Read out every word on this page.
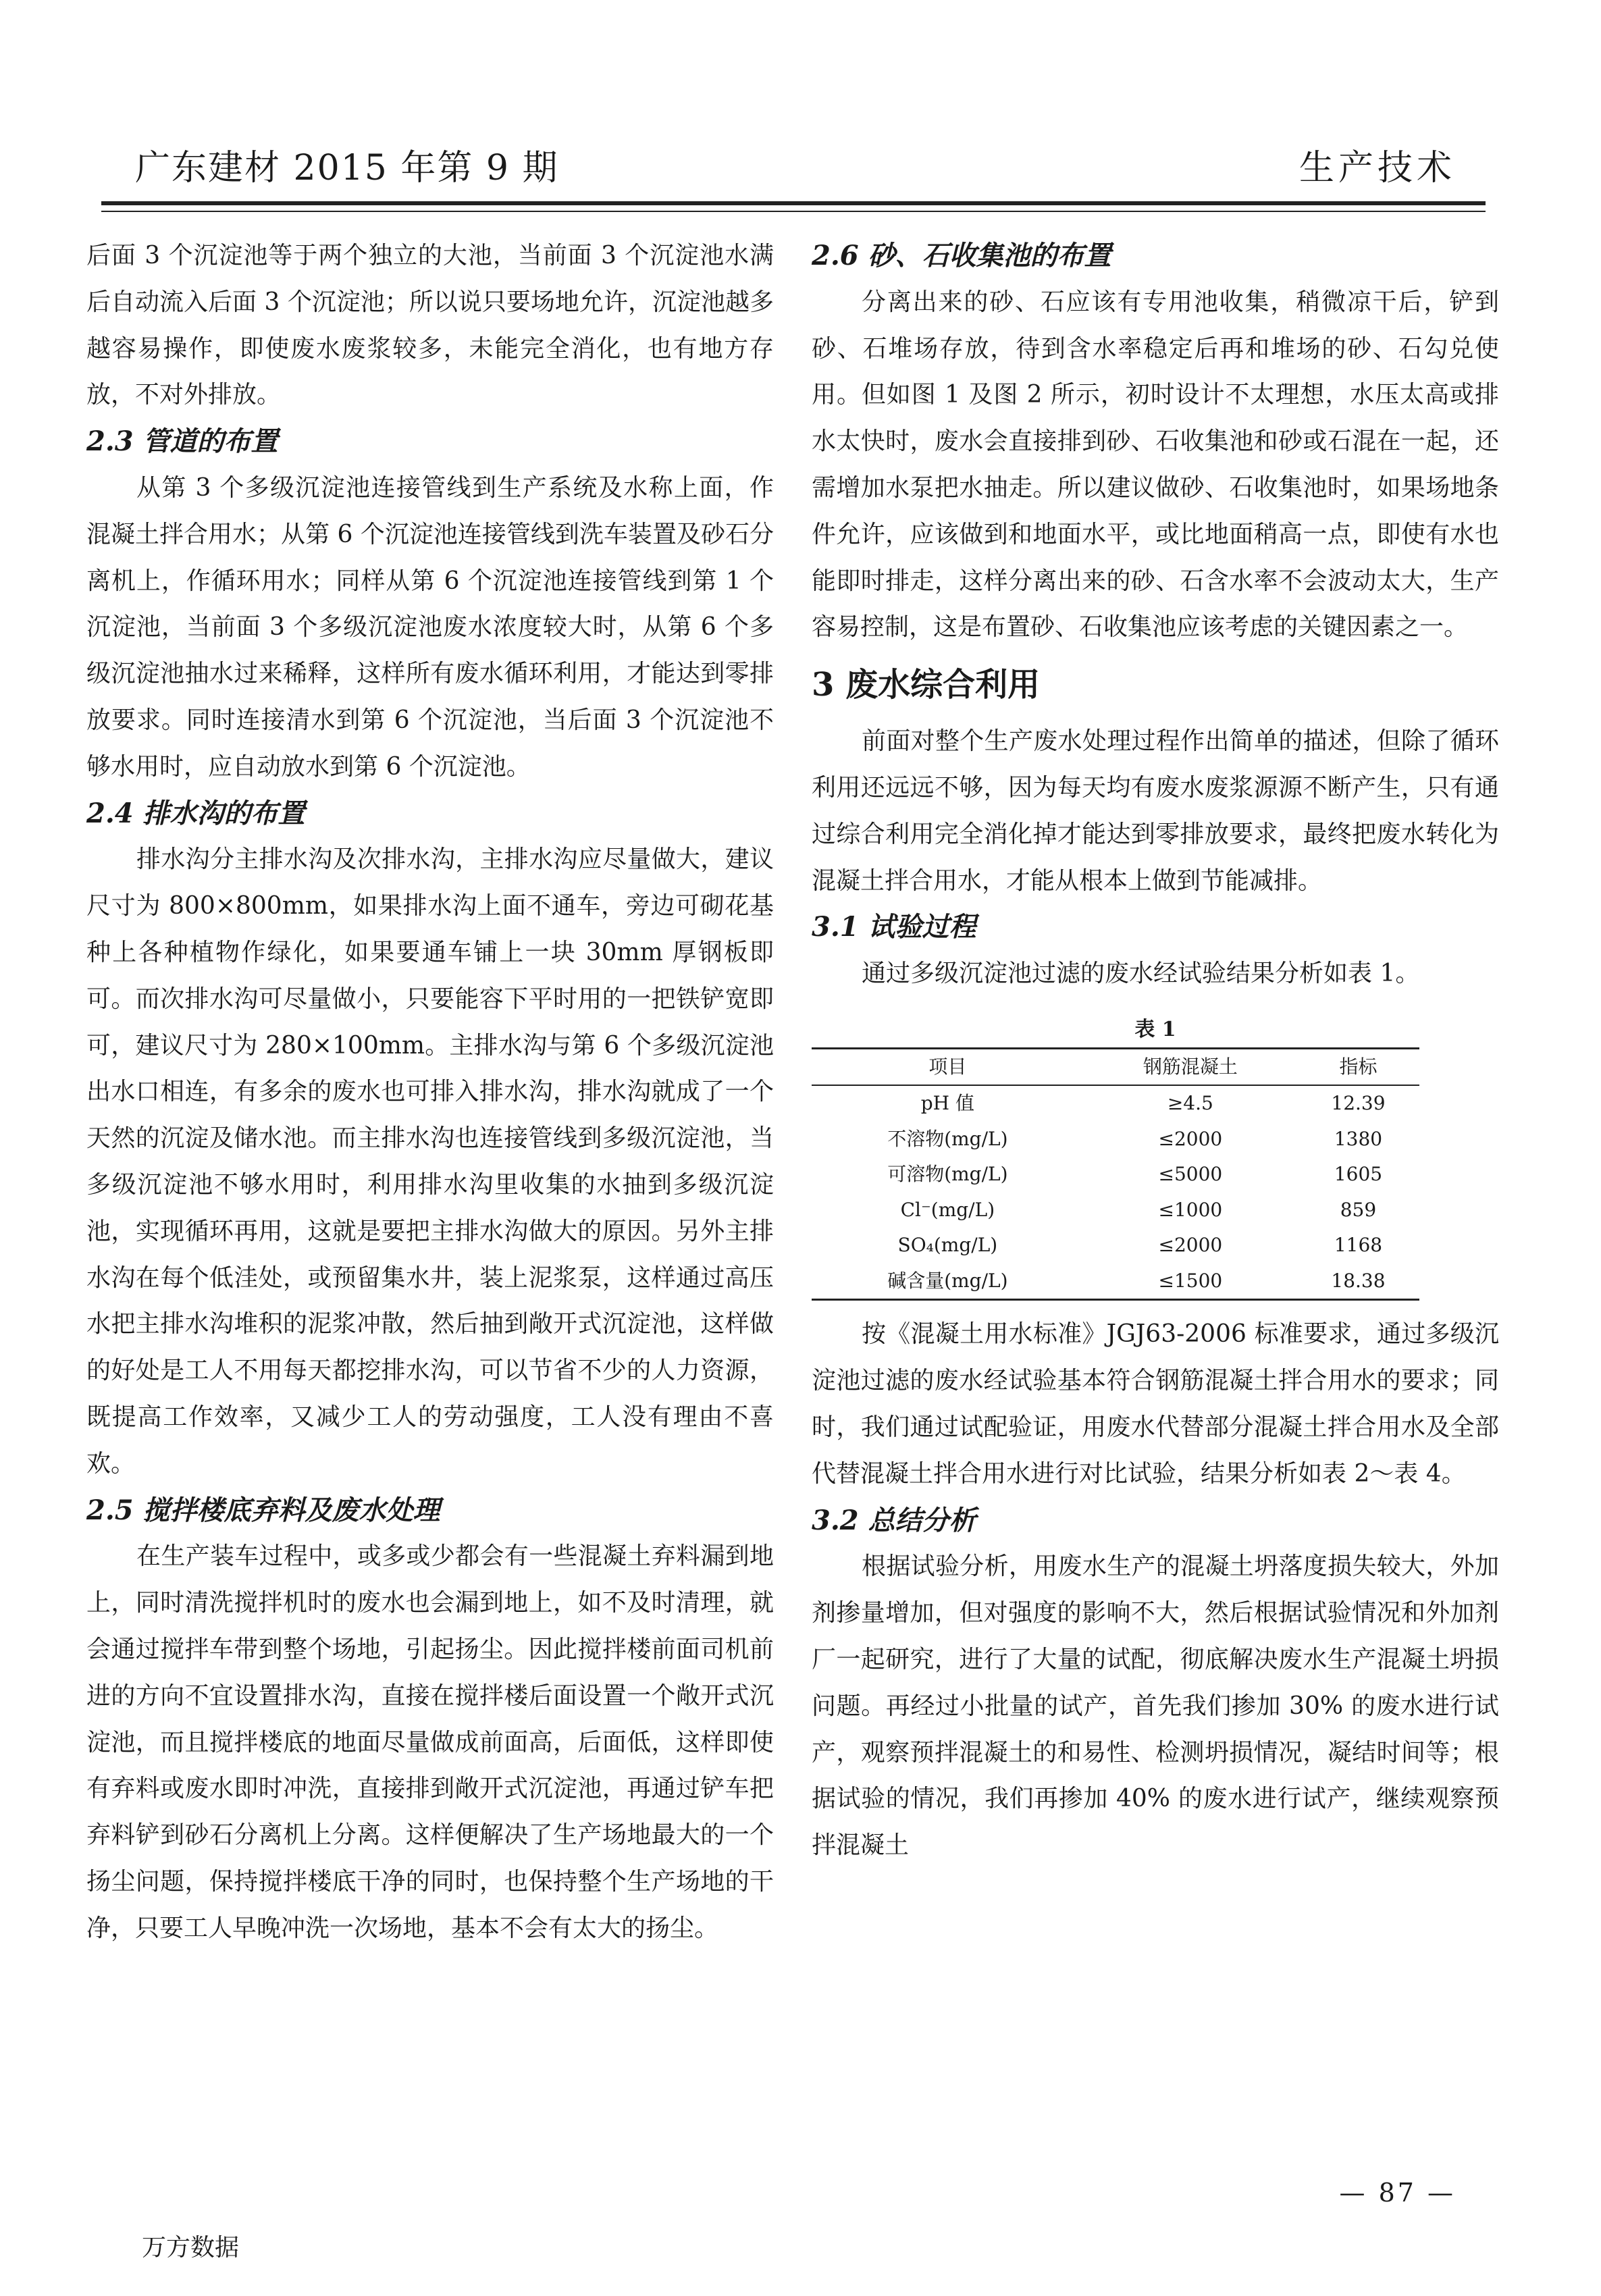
广东建材 2015 年第 9 期	生产技术

后面 3 个沉淀池等于两个独立的大池，当前面 3 个沉淀池水满后自动流入后面 3 个沉淀池；所以说只要场地允许，沉淀池越多越容易操作，即使废水废浆较多，未能完全消化，也有地方存放，不对外排放。

2.3 管道的布置

从第 3 个多级沉淀池连接管线到生产系统及水称上面，作混凝土拌合用水；从第 6 个沉淀池连接管线到洗车装置及砂石分离机上，作循环用水；同样从第 6 个沉淀池连接管线到第 1 个沉淀池，当前面 3 个多级沉淀池废水浓度较大时，从第 6 个多级沉淀池抽水过来稀释，这样所有废水循环利用，才能达到零排放要求。同时连接清水到第 6 个沉淀池，当后面 3 个沉淀池不够水用时，应自动放水到第 6 个沉淀池。

2.4 排水沟的布置

排水沟分主排水沟及次排水沟，主排水沟应尽量做大，建议尺寸为 800×800mm，如果排水沟上面不通车，旁边可砌花基种上各种植物作绿化，如果要通车铺上一块 30mm 厚钢板即可。而次排水沟可尽量做小，只要能容下平时用的一把铁铲宽即可，建议尺寸为 280×100mm。主排水沟与第 6 个多级沉淀池出水口相连，有多余的废水也可排入排水沟，排水沟就成了一个天然的沉淀及储水池。而主排水沟也连接管线到多级沉淀池，当多级沉淀池不够水用时，利用排水沟里收集的水抽到多级沉淀池，实现循环再用，这就是要把主排水沟做大的原因。另外主排水沟在每个低洼处，或预留集水井，装上泥浆泵，这样通过高压水把主排水沟堆积的泥浆冲散，然后抽到敞开式沉淀池，这样做的好处是工人不用每天都挖排水沟，可以节省不少的人力资源，既提高工作效率，又减少工人的劳动强度，工人没有理由不喜欢。

2.5 搅拌楼底弃料及废水处理

在生产装车过程中，或多或少都会有一些混凝土弃料漏到地上，同时清洗搅拌机时的废水也会漏到地上，如不及时清理，就会通过搅拌车带到整个场地，引起扬尘。因此搅拌楼前面司机前进的方向不宜设置排水沟，直接在搅拌楼后面设置一个敞开式沉淀池，而且搅拌楼底的地面尽量做成前面高，后面低，这样即使有弃料或废水即时冲洗，直接排到敞开式沉淀池，再通过铲车把弃料铲到砂石分离机上分离。这样便解决了生产场地最大的一个扬尘问题，保持搅拌楼底干净的同时，也保持整个生产场地的干净，只要工人早晚冲洗一次场地，基本不会有太大的扬尘。

2.6 砂、石收集池的布置

分离出来的砂、石应该有专用池收集，稍微凉干后，铲到砂、石堆场存放，待到含水率稳定后再和堆场的砂、石勾兑使用。但如图 1 及图 2 所示，初时设计不太理想，水压太高或排水太快时，废水会直接排到砂、石收集池和砂或石混在一起，还需增加水泵把水抽走。所以建议做砂、石收集池时，如果场地条件允许，应该做到和地面水平，或比地面稍高一点，即使有水也能即时排走，这样分离出来的砂、石含水率不会波动太大，生产容易控制，这是布置砂、石收集池应该考虑的关键因素之一。

3 废水综合利用

前面对整个生产废水处理过程作出简单的描述，但除了循环利用还远远不够，因为每天均有废水废浆源源不断产生，只有通过综合利用完全消化掉才能达到零排放要求，最终把废水转化为混凝土拌合用水，才能从根本上做到节能减排。

3.1 试验过程

通过多级沉淀池过滤的废水经试验结果分析如表 1。

表 1
项目	钢筋混凝土	指标
pH 值	≥4.5	12.39
不溶物(mg/L)	≤2000	1380
可溶物(mg/L)	≤5000	1605
Cl⁻(mg/L)	≤1000	859
SO₄(mg/L)	≤2000	1168
碱含量(mg/L)	≤1500	18.38

按《混凝土用水标准》JGJ63-2006 标准要求，通过多级沉淀池过滤的废水经试验基本符合钢筋混凝土拌合用水的要求；同时，我们通过试配验证，用废水代替部分混凝土拌合用水及全部代替混凝土拌合用水进行对比试验，结果分析如表 2～表 4。

3.2 总结分析

根据试验分析，用废水生产的混凝土坍落度损失较大，外加剂掺量增加，但对强度的影响不大，然后根据试验情况和外加剂厂一起研究，进行了大量的试配，彻底解决废水生产混凝土坍损问题。再经过小批量的试产，首先我们掺加 30% 的废水进行试产，观察预拌混凝土的和易性、检测坍损情况，凝结时间等；根据试验的情况，我们再掺加 40% 的废水进行试产，继续观察预拌混凝土

— 87 —
万方数据
